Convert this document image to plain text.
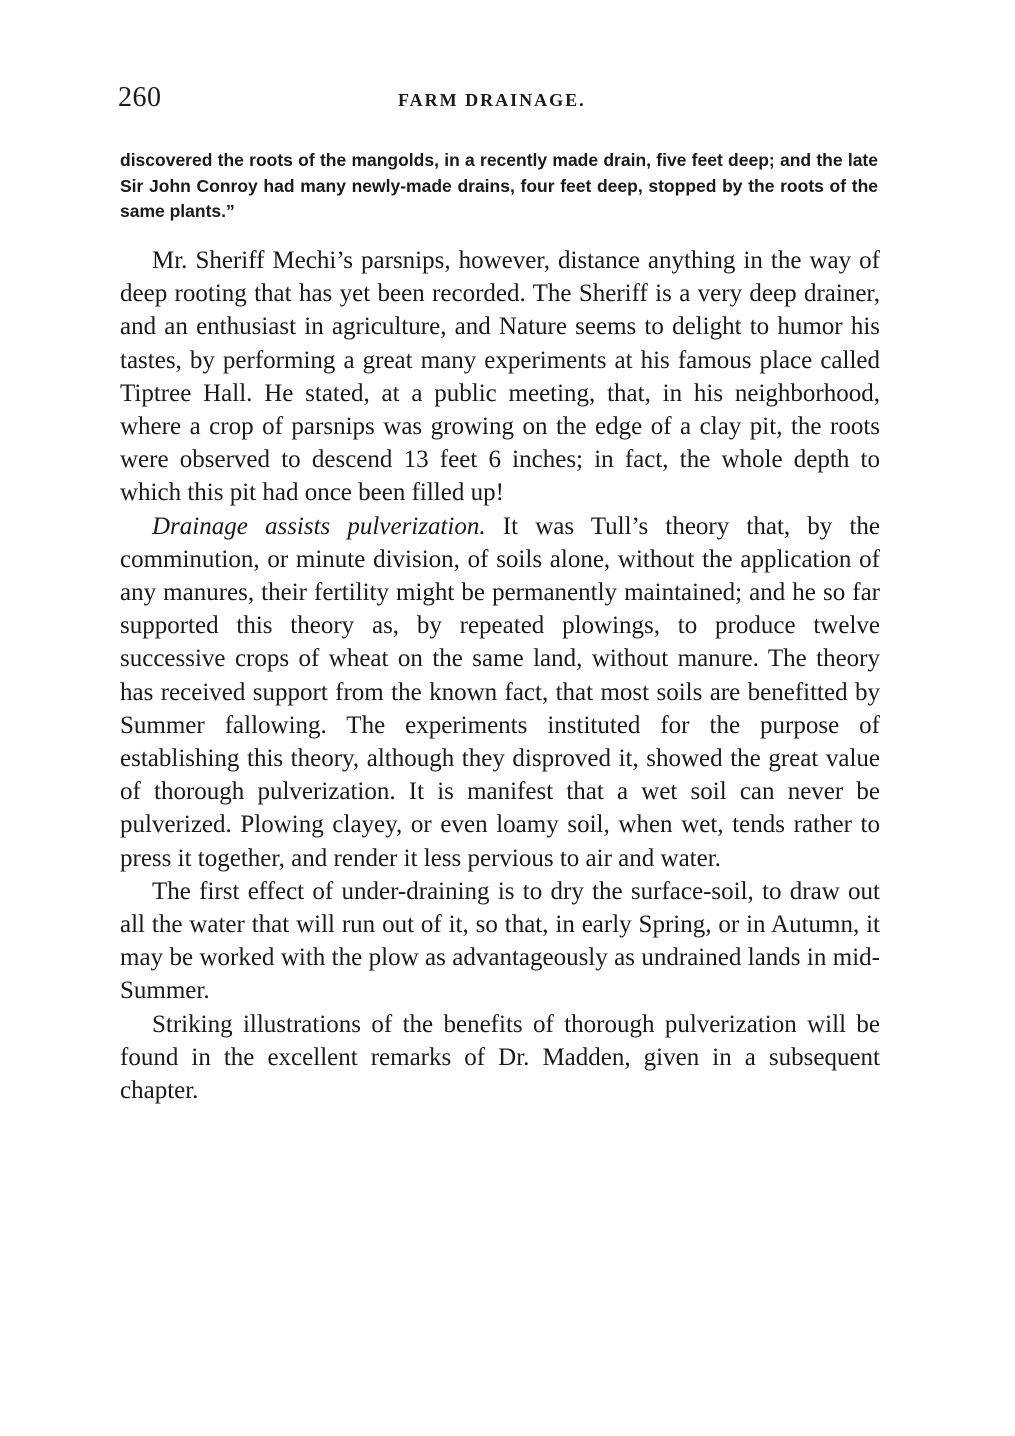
260	FARM DRAINAGE.
discovered the roots of the mangolds, in a recently made drain, five feet deep; and the late Sir John Conroy had many newly-made drains, four feet deep, stopped by the roots of the same plants.”

Mr. Sheriff Mechi’s parsnips, however, distance anything in the way of deep rooting that has yet been recorded. The Sheriff is a very deep drainer, and an enthusiast in agriculture, and Nature seems to delight to humor his tastes, by performing a great many experiments at his famous place called Tiptree Hall. He stated, at a public meeting, that, in his neighborhood, where a crop of parsnips was growing on the edge of a clay pit, the roots were observed to descend 13 feet 6 inches; in fact, the whole depth to which this pit had once been filled up!

Drainage assists pulverization. It was Tull’s theory that, by the comminution, or minute division, of soils alone, without the application of any manures, their fertility might be permanently maintained; and he so far supported this theory as, by repeated plowings, to produce twelve successive crops of wheat on the same land, without manure. The theory has received support from the known fact, that most soils are benefitted by Summer fallowing. The experiments instituted for the purpose of establishing this theory, although they disproved it, showed the great value of thorough pulverization. It is manifest that a wet soil can never be pulverized. Plowing clayey, or even loamy soil, when wet, tends rather to press it together, and render it less pervious to air and water.

The first effect of under-draining is to dry the surface-soil, to draw out all the water that will run out of it, so that, in early Spring, or in Autumn, it may be worked with the plow as advantageously as undrained lands in mid-Summer.

Striking illustrations of the benefits of thorough pulverization will be found in the excellent remarks of Dr. Madden, given in a subsequent chapter.
